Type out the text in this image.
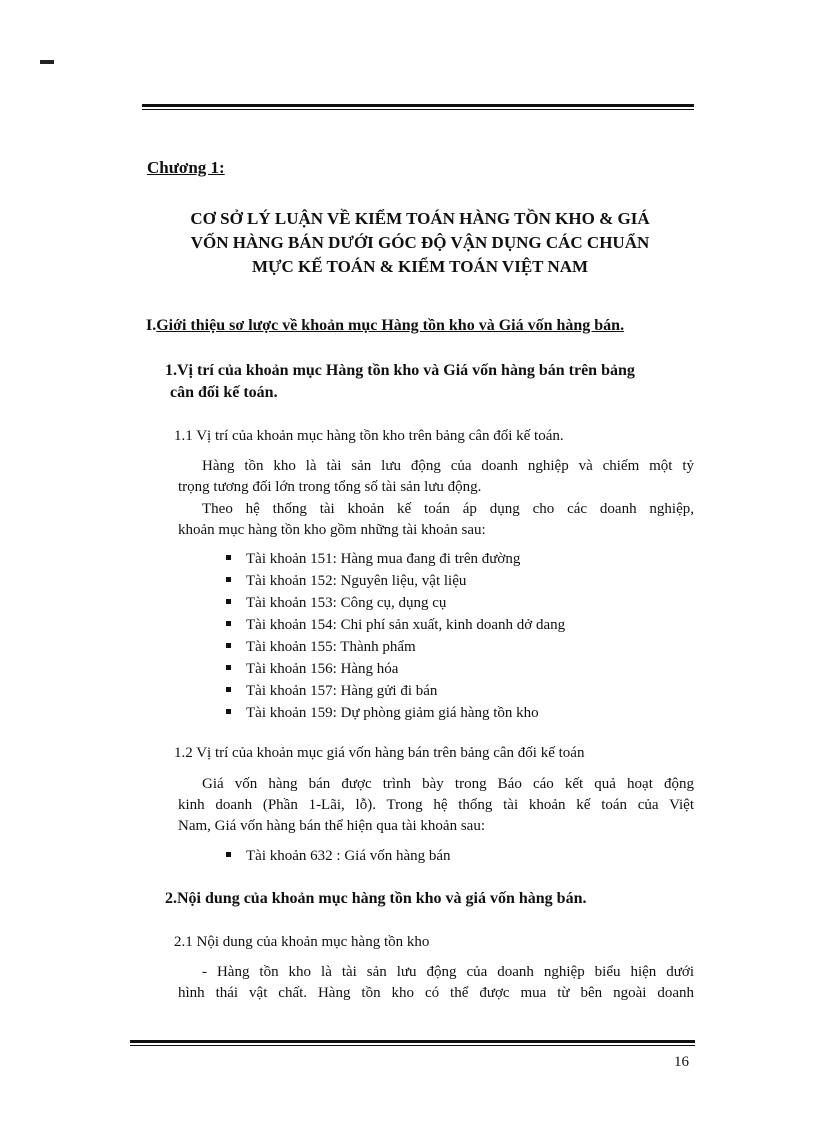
Chương 1:
CƠ SỞ LÝ LUẬN VỀ KIỂM TOÁN HÀNG TỒN KHO & GIÁ
VỐN HÀNG BÁN DƯỚI GÓC ĐỘ VẬN DỤNG CÁC CHUẨN
MỰC KẾ TOÁN & KIỂM TOÁN VIỆT NAM
I.Giới thiệu sơ lược về khoản mục Hàng tồn kho và Giá vốn hàng bán.
1.Vị trí của khoản mục Hàng tồn kho và Giá vốn hàng bán trên bảng
cân đối kế toán.
1.1 Vị trí của khoản mục hàng tồn kho trên bảng cân đối kế toán.
Hàng tồn kho là tài sản lưu động của doanh nghiệp và chiếm một tỷ
trọng tương đối lớn trong tổng số tài sản lưu động.
Theo hệ thống tài khoản kế toán áp dụng cho các doanh nghiệp,
khoản mục hàng tồn kho gồm những tài khoản sau:
Tài khoản 151: Hàng mua đang đi trên đường
Tài khoản 152: Nguyên liệu, vật liệu
Tài khoản 153: Công cụ, dụng cụ
Tài khoản 154: Chi phí sản xuất, kinh doanh dở dang
Tài khoản 155: Thành phẩm
Tài khoản 156: Hàng hóa
Tài khoản 157: Hàng gửi đi bán
Tài khoản 159: Dự phòng giảm giá hàng tồn kho
1.2 Vị trí của khoản mục giá vốn hàng bán trên bảng cân đối kế toán
Giá vốn hàng bán được trình bày trong Báo cáo kết quả hoạt động
kinh doanh (Phần 1-Lãi, lỗ). Trong hệ thống tài khoản kế toán của Việt
Nam, Giá vốn hàng bán thể hiện qua tài khoản sau:
Tài khoản 632 : Giá vốn hàng bán
2.Nội dung của khoản mục hàng tồn kho và giá vốn hàng bán.
2.1 Nội dung của khoản mục hàng tồn kho
- Hàng tồn kho là tài sản lưu động của doanh nghiệp biểu hiện dưới
hình thái vật chất. Hàng tồn kho có thể được mua từ bên ngoài doanh
16
